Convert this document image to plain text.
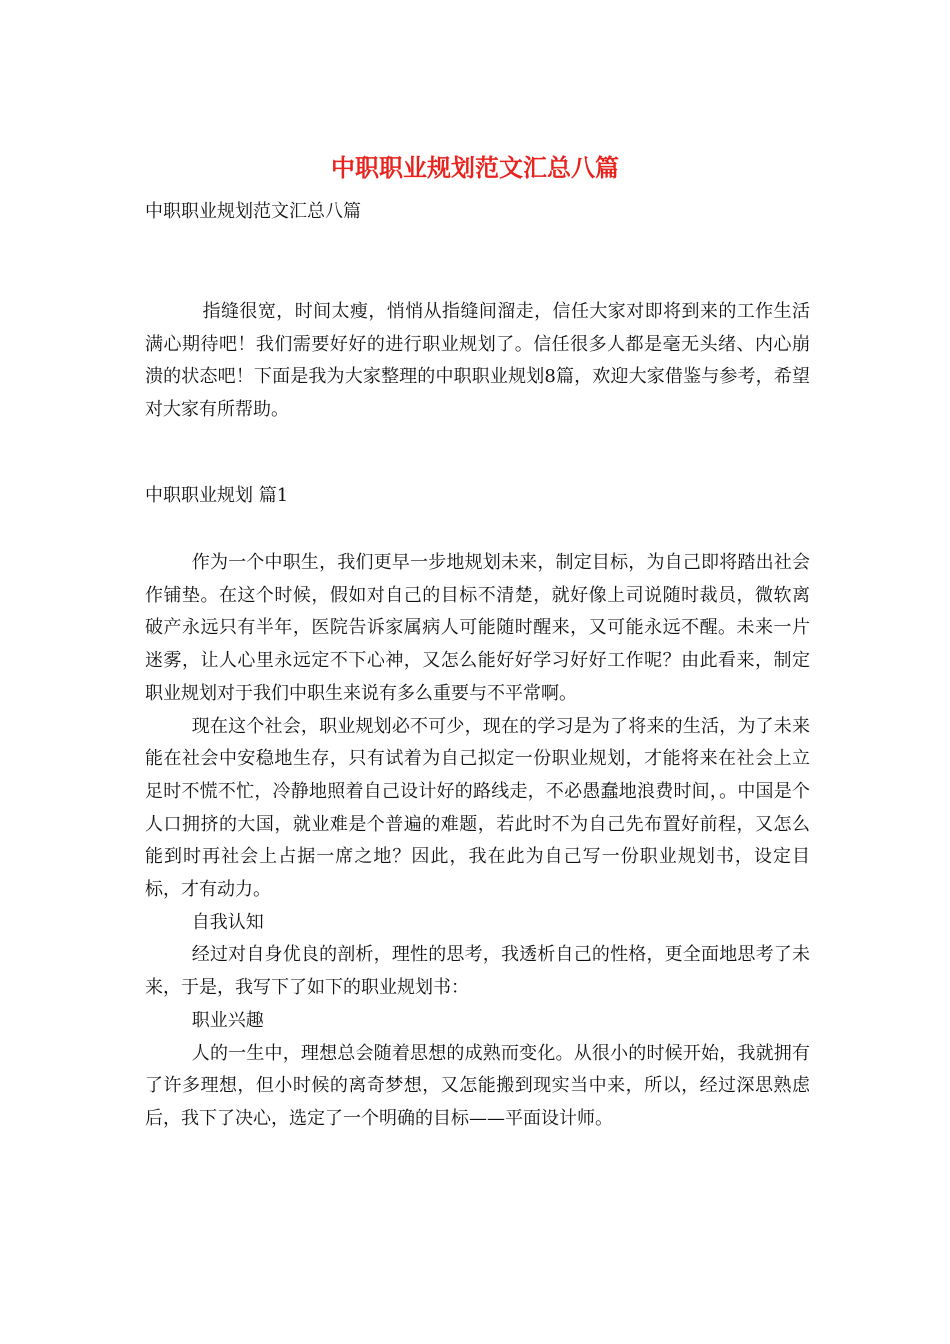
中职职业规划范文汇总八篇

中职职业规划范文汇总八篇

指缝很宽，时间太瘦，悄悄从指缝间溜走，信任大家对即将到来的工作生活满心期待吧！我们需要好好的进行职业规划了。信任很多人都是毫无头绪、内心崩溃的状态吧！下面是我为大家整理的中职职业规划8篇，欢迎大家借鉴与参考，希望对大家有所帮助。

中职职业规划 篇1

作为一个中职生，我们更早一步地规划未来，制定目标，为自己即将踏出社会作铺垫。在这个时候，假如对自己的目标不清楚，就好像上司说随时裁员，微软离破产永远只有半年，医院告诉家属病人可能随时醒来，又可能永远不醒。未来一片迷雾，让人心里永远定不下心神，又怎么能好好学习好好工作呢？由此看来，制定职业规划对于我们中职生来说有多么重要与不平常啊。

现在这个社会，职业规划必不可少，现在的学习是为了将来的生活，为了未来能在社会中安稳地生存，只有试着为自己拟定一份职业规划，才能将来在社会上立足时不慌不忙，冷静地照着自己设计好的路线走，不必愚蠢地浪费时间，。中国是个人口拥挤的大国，就业难是个普遍的难题，若此时不为自己先布置好前程，又怎么能到时再社会上占据一席之地？因此，我在此为自己写一份职业规划书，设定目标，才有动力。

自我认知

经过对自身优良的剖析，理性的思考，我透析自己的性格，更全面地思考了未来，于是，我写下了如下的职业规划书：

职业兴趣

人的一生中，理想总会随着思想的成熟而变化。从很小的时候开始，我就拥有了许多理想，但小时候的离奇梦想，又怎能搬到现实当中来，所以，经过深思熟虑后，我下了决心，选定了一个明确的目标——平面设计师。
